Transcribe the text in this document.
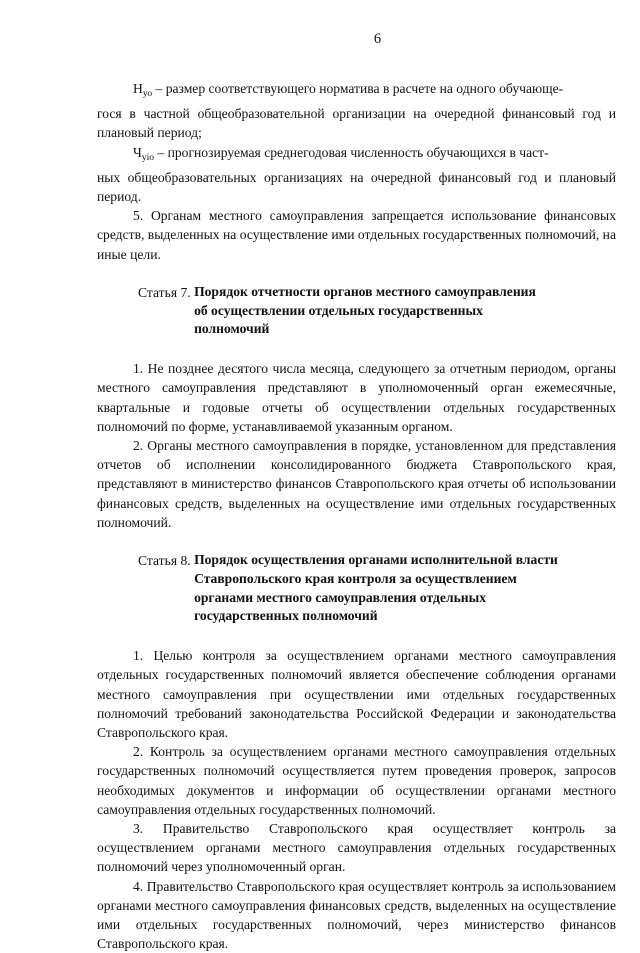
6

$Н_{уо}$ – размер соответствующего норматива в расчете на одного обучающе-

гося в частной общеобразовательной организации на очередной финансовый год и плановый период;

$Ч_{уio}$ – прогнозируемая среднегодовая численность обучающихся в част-

ных общеобразовательных организациях на очередной финансовый год и плановый период.

5. Органам местного самоуправления запрещается использование финансовых средств, выделенных на осуществление ими отдельных государственных полномочий, на иные цели.

Статья 7. Порядок отчетности органов местного самоуправления
об осуществлении отдельных государственных
полномочий

1. Не позднее десятого числа месяца, следующего за отчетным периодом, органы местного самоуправления представляют в уполномоченный орган ежемесячные, квартальные и годовые отчеты об осуществлении отдельных государственных полномочий по форме, устанавливаемой указанным органом.

2. Органы местного самоуправления в порядке, установленном для представления отчетов об исполнении консолидированного бюджета Ставропольского края, представляют в министерство финансов Ставропольского края отчеты об использовании финансовых средств, выделенных на осуществление ими отдельных государственных полномочий.

Статья 8. Порядок осуществления органами исполнительной власти
Ставропольского края контроля за осуществлением
органами местного самоуправления отдельных
государственных полномочий

1. Целью контроля за осуществлением органами местного самоуправления отдельных государственных полномочий является обеспечение соблюдения органами местного самоуправления при осуществлении ими отдельных государственных полномочий требований законодательства Российской Федерации и законодательства Ставропольского края.

2. Контроль за осуществлением органами местного самоуправления отдельных государственных полномочий осуществляется путем проведения проверок, запросов необходимых документов и информации об осуществлении органами местного самоуправления отдельных государственных полномочий.

3. Правительство Ставропольского края осуществляет контроль за осуществлением органами местного самоуправления отдельных государственных полномочий через уполномоченный орган.

4. Правительство Ставропольского края осуществляет контроль за использованием органами местного самоуправления финансовых средств, выделенных на осуществление ими отдельных государственных полномочий, через министерство финансов Ставропольского края.
